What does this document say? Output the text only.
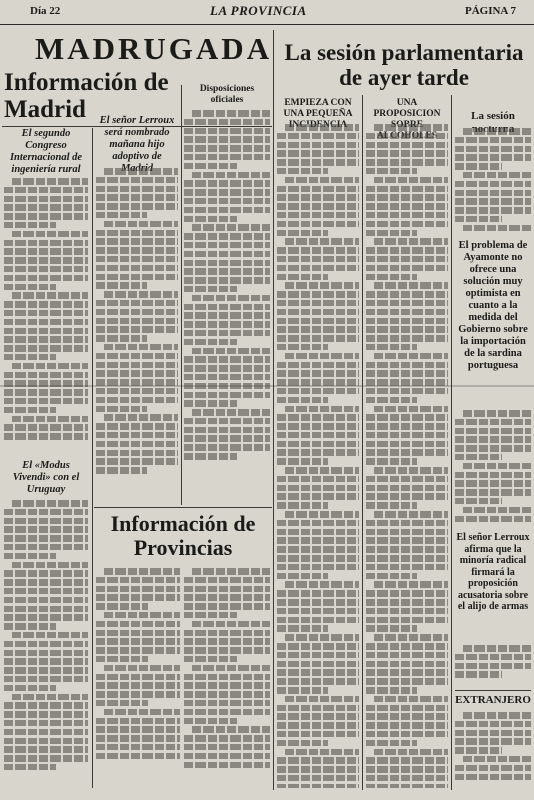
Día 22	LA PROVINCIA	PÁGINA 7
MADRUGADA
Información de Madrid
La sesión parlamentaria de ayer tarde
El segundo Congreso Internacional de ingeniería rural
El «Modus Vivendi» con el Uruguay
El señor Lerroux será nombrado mañana hijo adoptivo de
Disposiciones oficiales
Información de Provincias
EMPIEZA CON UNA PEQUEÑA
UNA PROPOSICION	La sesión
El problema de Ayamonte no ofrece una solución muy optimista en cuanto a la medida del Gobierno sobre la importación de la sardina portuguesa
El señor Lerroux afirma que la minoría radical firmará la proposición acusatoria sobre el alijo de armas
EXTRANJERO
